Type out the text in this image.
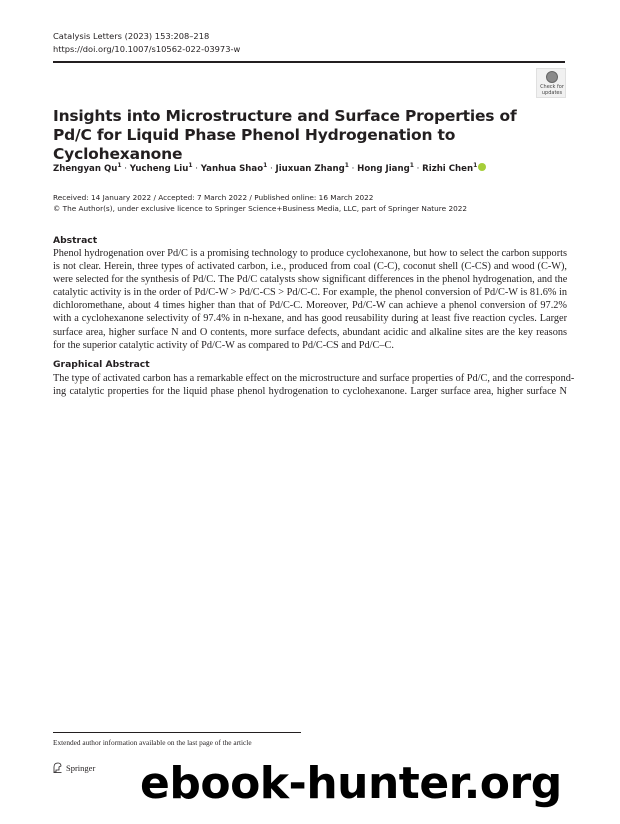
Catalysis Letters (2023) 153:208–218
https://doi.org/10.1007/s10562-022-03973-w
Check for
updates
Insights into Microstructure and Surface Properties of Pd/C for Liquid Phase Phenol Hydrogenation to Cyclohexanone
Zhengyan $Qu^1$ · Yucheng Liu$^1$ · Yanhua Shao$^1$ · Jiuxuan Zhang$^1$ · Hong Jiang$^1$ · Rizhi Chen$^1$
Received: 14 January 2022 / Accepted: 7 March 2022 / Published online: 16 March 2022
© The Author(s), under exclusive licence to Springer Science+Business Media, LLC, part of Springer Nature 2022
Abstract
Phenol hydrogenation over Pd/C is a promising technology to produce cyclohexanone, but how to select the carbon supports
is not clear. Herein, three types of activated carbon, i.e., produced from coal (C-C), coconut shell (C-CS) and wood (C-W),
were selected for the synthesis of Pd/C. The Pd/C catalysts show significant differences in the phenol hydrogenation, and the
catalytic activity is in the order of Pd/C-W > Pd/C-CS > Pd/C-C. For example, the phenol conversion of Pd/C-W is 81.6% in
dichloromethane, about 4 times higher than that of Pd/C-C. Moreover, Pd/C-W can achieve a phenol conversion of 97.2%
with a cyclohexanone selectivity of 97.4% in n-hexane, and has good reusability during at least five reaction cycles. Larger
surface area, higher surface N and O contents, more surface defects, abundant acidic and alkaline sites are the key reasons
for the superior catalytic activity of Pd/C-W as compared to Pd/C-CS and Pd/C–C.
Graphical Abstract
The type of activated carbon has a remarkable effect on the microstructure and surface properties of Pd/C, and the correspond-
ing catalytic properties for the liquid phase phenol hydrogenation to cyclohexanone. Larger surface area, higher surface N
Extended author information available on the last page of the article
Springer ebook-hunter.org
